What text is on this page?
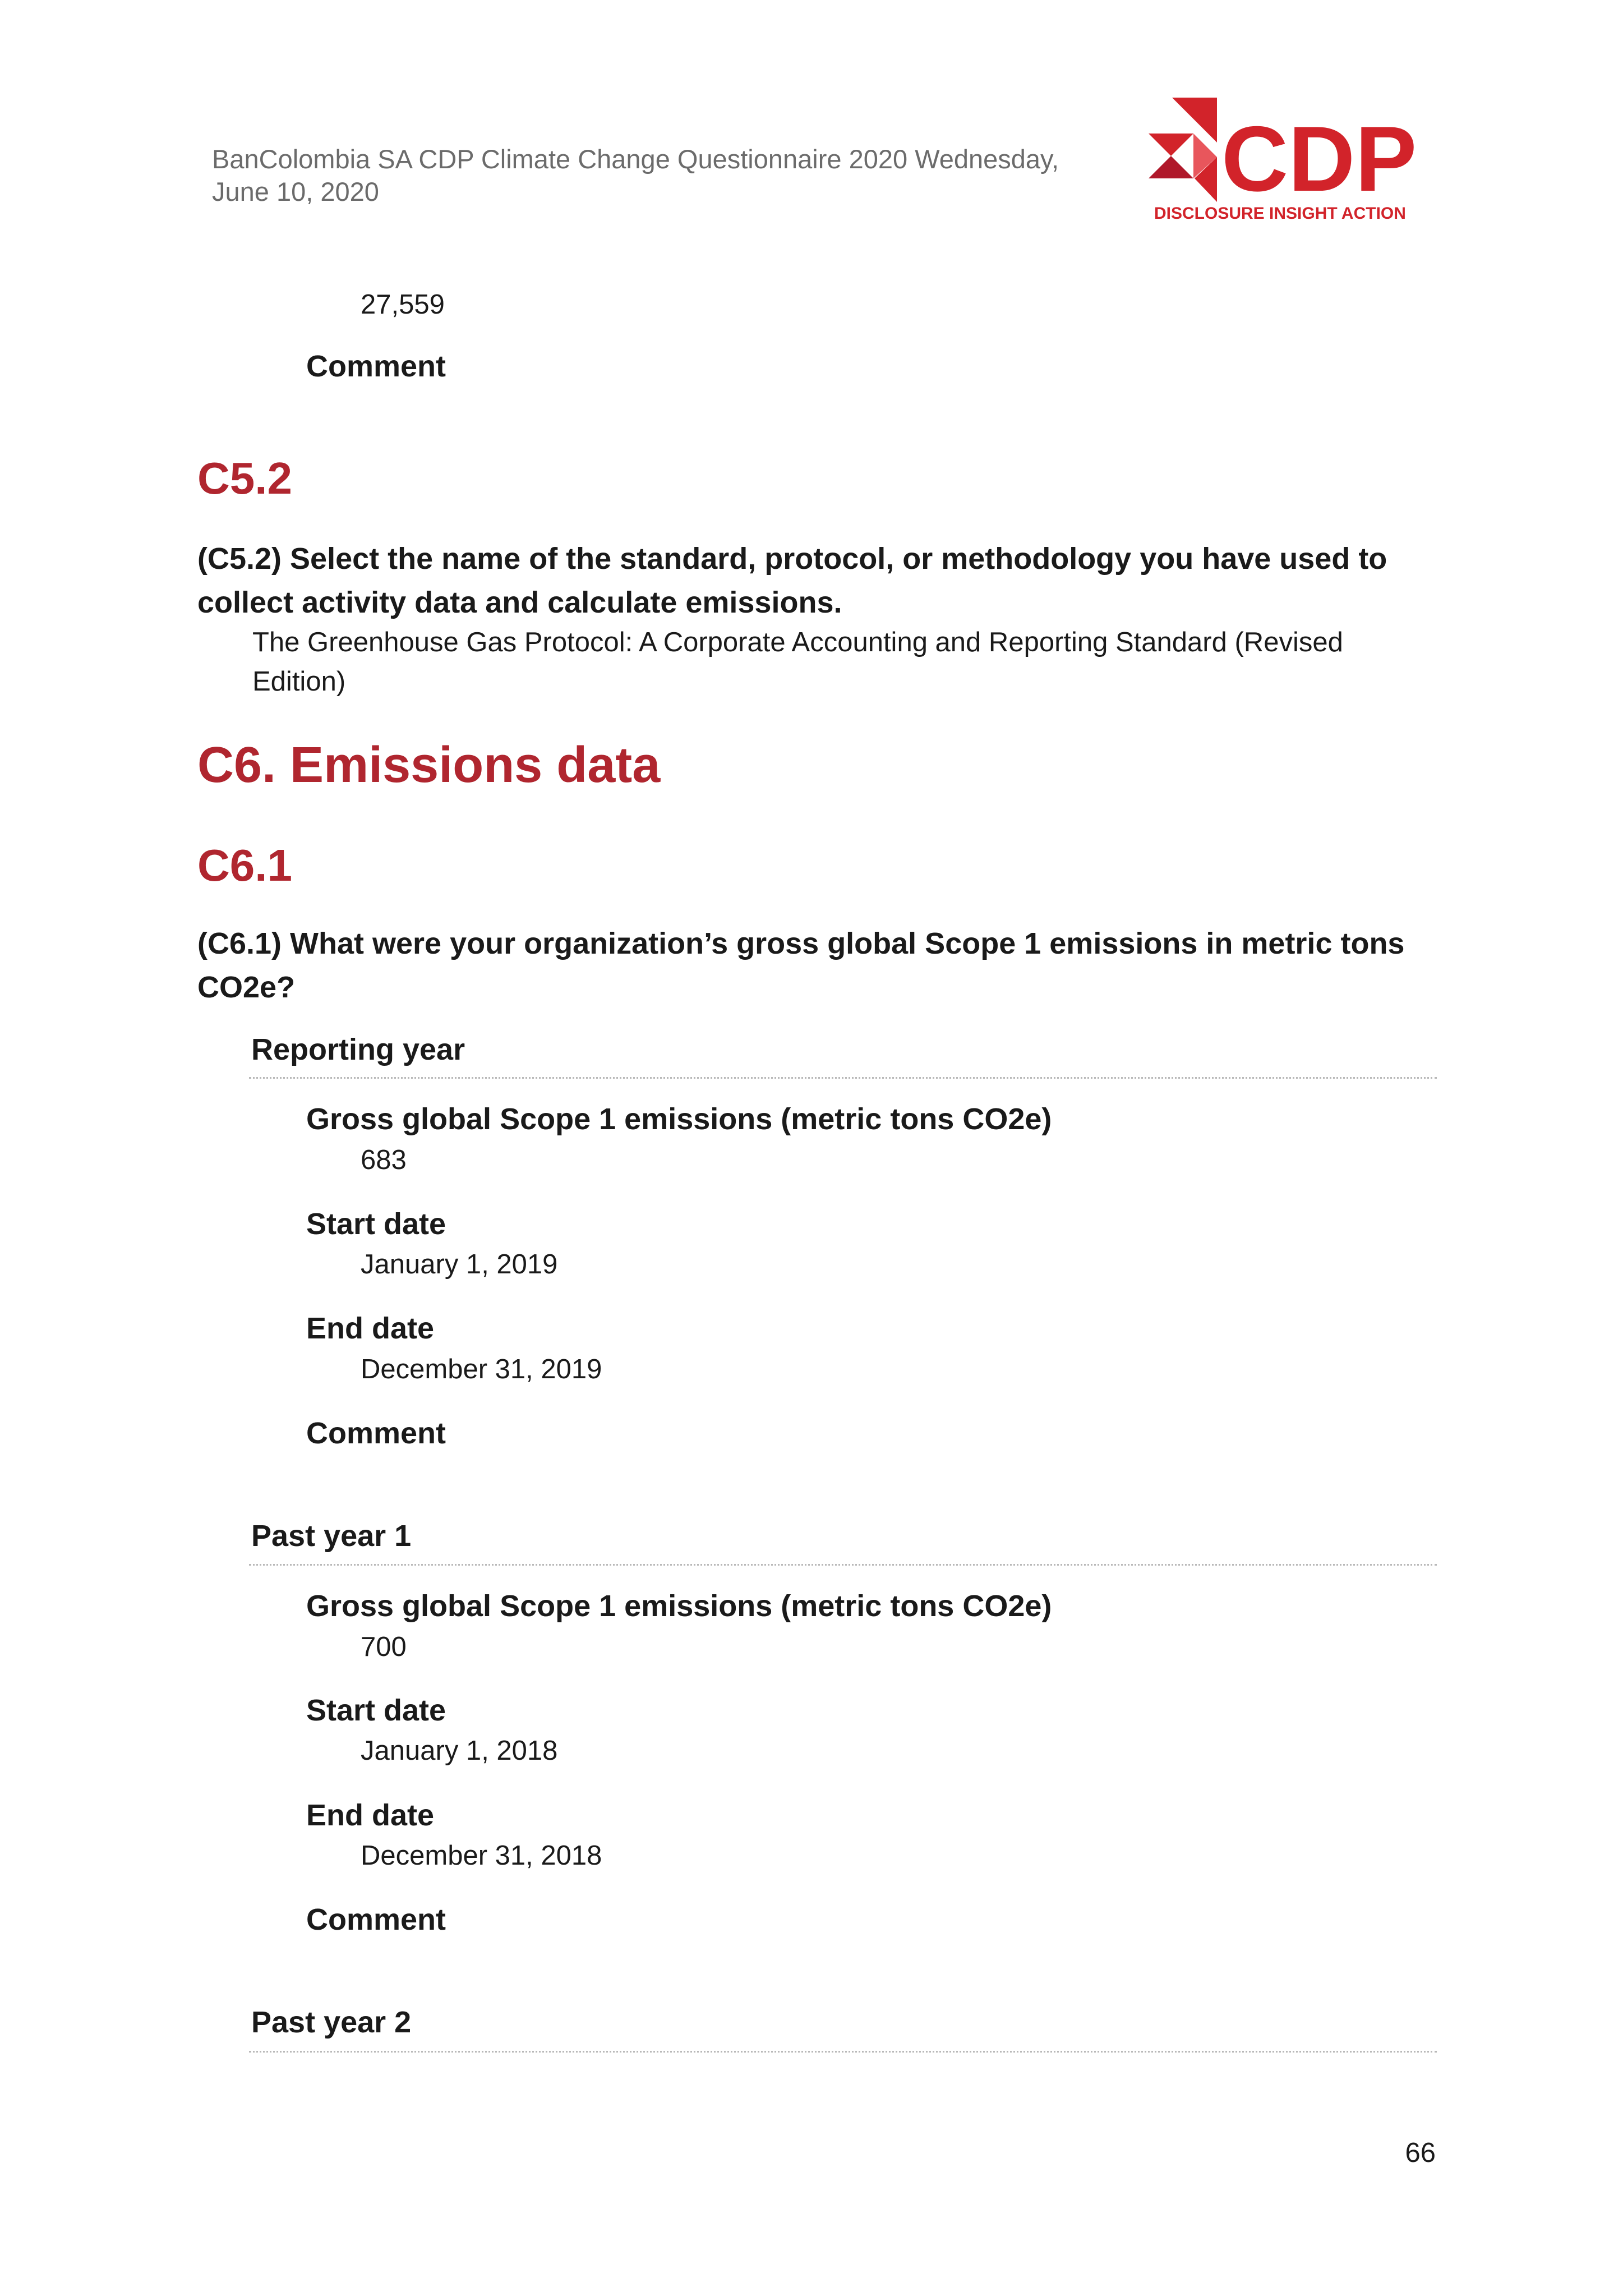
BanColombia SA CDP Climate Change Questionnaire 2020 Wednesday, June 10, 2020	CDP
DISCLOSURE INSIGHT ACTION
27,559
Comment
C5.2
(C5.2) Select the name of the standard, protocol, or methodology you have used to collect activity data and calculate emissions.
The Greenhouse Gas Protocol: A Corporate Accounting and Reporting Standard (Revised Edition)
C6. Emissions data
C6.1
(C6.1) What were your organization’s gross global Scope 1 emissions in metric tons CO2e?
Reporting year
Gross global Scope 1 emissions (metric tons CO2e)
683
Start date
January 1, 2019
End date
December 31, 2019
Comment
Past year 1
Gross global Scope 1 emissions (metric tons CO2e)
700
Start date
January 1, 2018
End date
December 31, 2018
Comment
Past year 2
66
